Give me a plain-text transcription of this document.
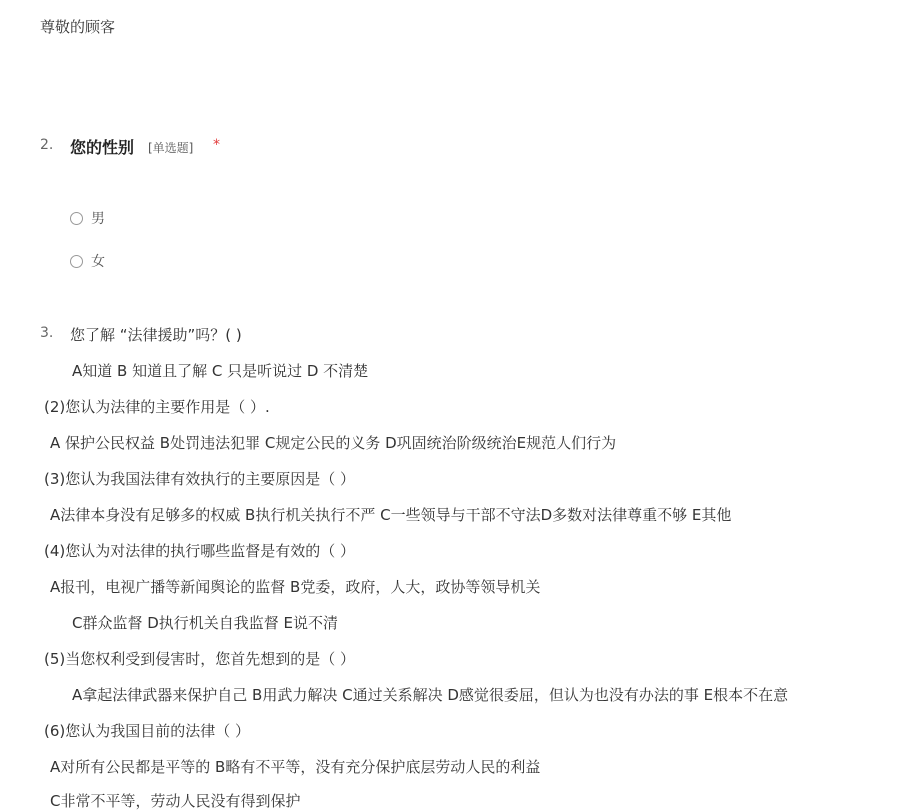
尊敬的顾客
2. 您的性别 [单选题] *
男
女
3. 您了解 “法律援助”吗？( )
A知道 B 知道且了解 C 只是听说过 D 不清楚
(2)您认为法律的主要作用是（ ）.
A 保护公民权益 B处罚违法犯罪 C规定公民的义务 D巩固统治阶级统治E规范人们行为
(3)您认为我国法律有效执行的主要原因是（ ）
A法律本身没有足够多的权威 B执行机关执行不严 C一些领导与干部不守法D多数对法律尊重不够 E其他
(4)您认为对法律的执行哪些监督是有效的（ ）
A报刊，电视广播等新闻舆论的监督 B党委，政府，人大，政协等领导机关
C群众监督 D执行机关自我监督 E说不清
(5)当您权利受到侵害时，您首先想到的是（ ）
A拿起法律武器来保护自己 B用武力解决 C通过关系解决 D感觉很委屈，但认为也没有办法的事 E根本不在意
(6)您认为我国目前的法律（ ）
A对所有公民都是平等的 B略有不平等，没有充分保护底层劳动人民的利益
C非常不平等，劳动人民没有得到保护
